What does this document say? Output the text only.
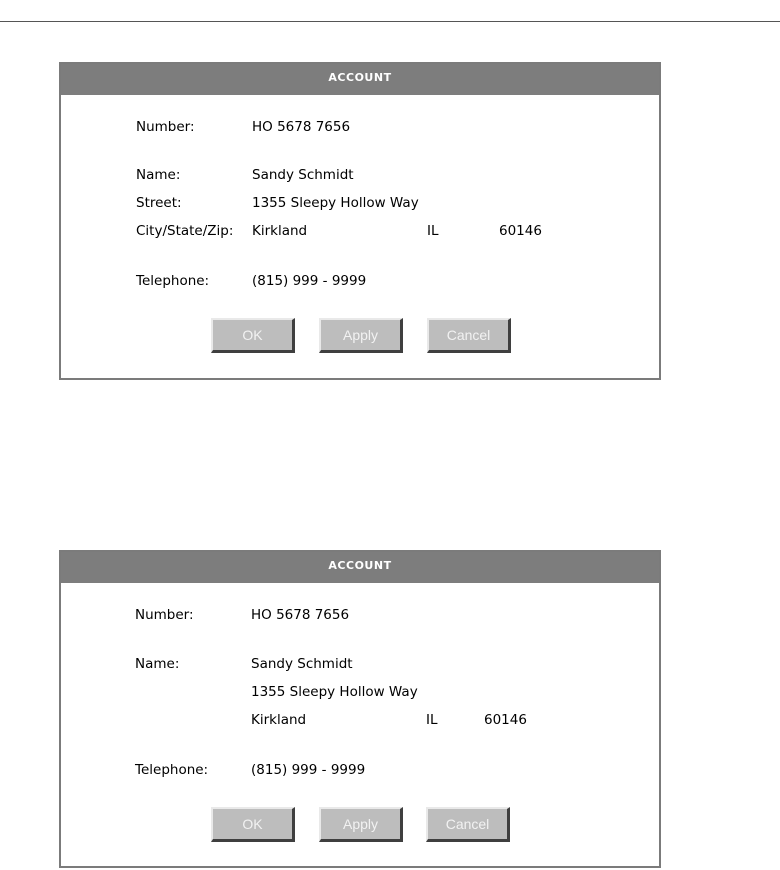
ACCOUNT
Number:	HO 5678 7656
Name:	Sandy Schmidt
Street:	1355 Sleepy Hollow Way
City/State/Zip: Kirkland	IL	60146
Telephone:	(815) 999 - 9999
OK	Apply	Cancel
ACCOUNT
Number:	HO 5678 7656
Name:	Sandy Schmidt
1355 Sleepy Hollow Way
Kirkland	IL	60146
Telephone:	(815) 999 - 9999
OK	Apply	Cancel
